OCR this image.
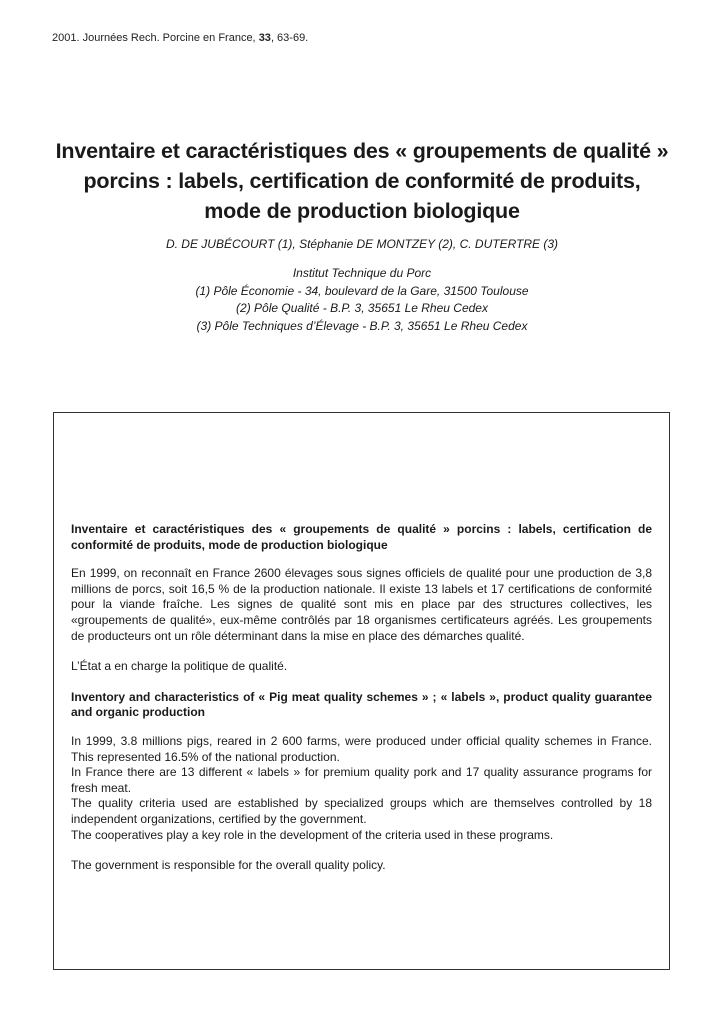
2001. Journées Rech. Porcine en France, 33, 63-69.
Inventaire et caractéristiques des « groupements de qualité »
porcins : labels, certification de conformité de produits,
mode de production biologique
D. DE JUBÉCOURT (1), Stéphanie DE MONTZEY (2), C. DUTERTRE (3)
Institut Technique du Porc
(1) Pôle Économie - 34, boulevard de la Gare, 31500 Toulouse
(2) Pôle Qualité - B.P. 3, 35651 Le Rheu Cedex
(3) Pôle Techniques d’Élevage - B.P. 3, 35651 Le Rheu Cedex
Inventaire et caractéristiques des « groupements de qualité » porcins : labels, certification de conformité de produits, mode de production biologique

En 1999, on reconnaît en France 2600 élevages sous signes officiels de qualité pour une production de 3,8 millions de porcs, soit 16,5 % de la production nationale. Il existe 13 labels et 17 certifications de conformité pour la viande fraîche. Les signes de qualité sont mis en place par des structures collectives, les «groupements de qualité», eux-même contrôlés par 18 organismes certificateurs agréés. Les groupements de producteurs ont un rôle déterminant dans la mise en place des démarches qualité.

L’État a en charge la politique de qualité.

Inventory and characteristics of « Pig meat quality schemes » ; « labels », product quality guarantee and organic production

In 1999, 3.8 millions pigs, reared in 2 600 farms, were produced under official quality schemes in France. This represented 16.5% of the national production.
In France there are 13 different « labels » for premium quality pork and 17 quality assurance programs for fresh meat.
The quality criteria used are established by specialized groups which are themselves controlled by 18 independent organizations, certified by the government.
The cooperatives play a key role in the development of the criteria used in these programs.

The government is responsible for the overall quality policy.
